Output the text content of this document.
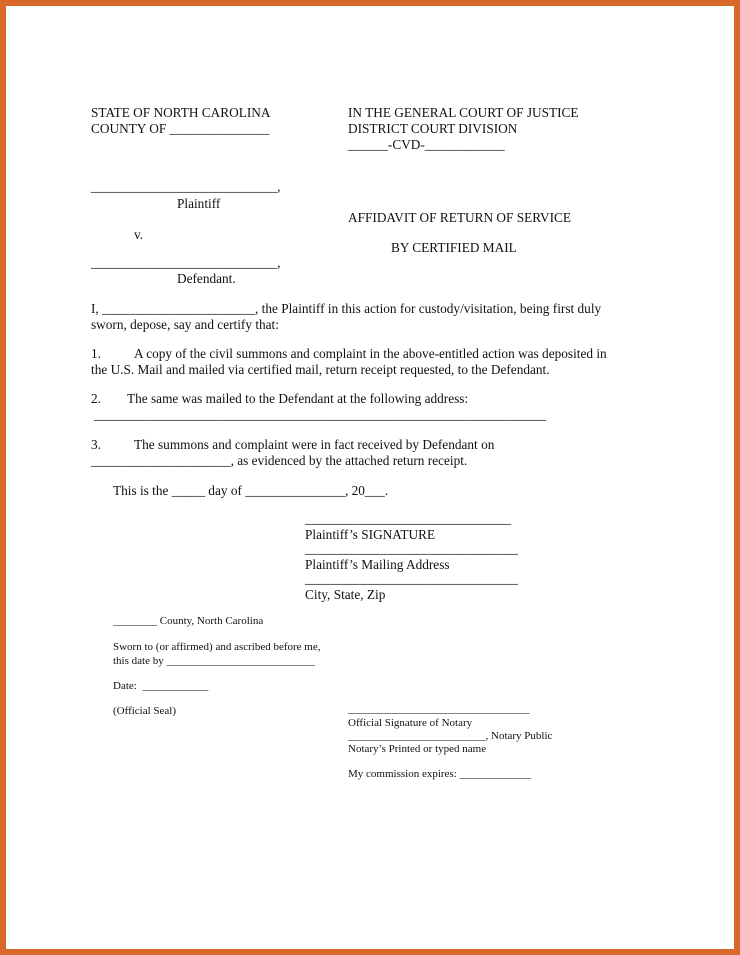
STATE OF NORTH CAROLINA
COUNTY OF _______________
IN THE GENERAL COURT OF JUSTICE
DISTRICT COURT DIVISION
______-CVD-____________
____________________________,
Plaintiff
v.
____________________________,
Defendant.
AFFIDAVIT OF RETURN OF SERVICE
BY CERTIFIED MAIL
I, _______________________, the Plaintiff in this action for custody/visitation, being first duly
sworn, depose, say and certify that:
1. A copy of the civil summons and complaint in the above-entitled action was deposited in
the U.S. Mail and mailed via certified mail, return receipt requested, to the Defendant.
2. The same was mailed to the Defendant at the following address:
____________________________________________________________________
3. The summons and complaint were in fact received by Defendant on
_____________________, as evidenced by the attached return receipt.
This is the _____ day of _______________, 20___.
_______________________________
Plaintiff’s SIGNATURE
________________________________
Plaintiff’s Mailing Address
________________________________
City, State, Zip
________ County, North Carolina
Sworn to (or affirmed) and ascribed before me,
this date by ___________________________
Date:  ____________
(Official Seal)	_________________________________
Official Signature of Notary
_________________________, Notary Public
Notary’s Printed or typed name
My commission expires: _____________
